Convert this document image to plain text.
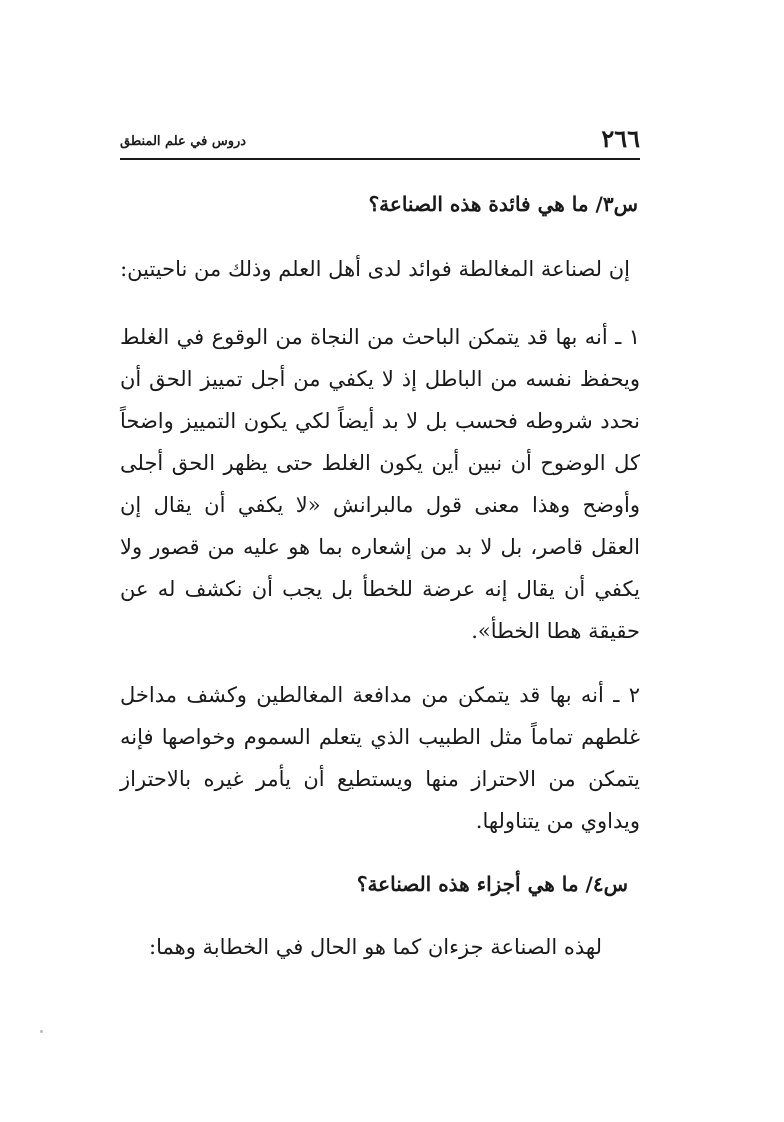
٢٦٦
دروس في علم المنطق

س٣/ ما هي فائدة هذه الصناعة؟

إن لصناعة المغالطة فوائد لدى أهل العلم وذلك من ناحيتين:

١ ـ أنه بها قد يتمكن الباحث من النجاة من الوقوع في الغلط ويحفظ نفسه من الباطل إذ لا يكفي من أجل تمييز الحق أن نحدد شروطه فحسب بل لا بد أيضاً لكي يكون التمييز واضحاً كل الوضوح أن نبين أين يكون الغلط حتى يظهر الحق أجلى وأوضح وهذا معنى قول مالبرانش «لا يكفي أن يقال إن العقل قاصر، بل لا بد من إشعاره بما هو عليه من قصور ولا يكفي أن يقال إنه عرضة للخطأ بل يجب أن نكشف له عن حقيقة هطا الخطأ».

٢ ـ أنه بها قد يتمكن من مدافعة المغالطين وكشف مداخل غلطهم تماماً مثل الطبيب الذي يتعلم السموم وخواصها فإنه يتمكن من الاحتراز منها ويستطيع أن يأمر غيره بالاحتراز ويداوي من يتناولها.

س٤/ ما هي أجزاء هذه الصناعة؟

لهذه الصناعة جزءان كما هو الحال في الخطابة وهما:
